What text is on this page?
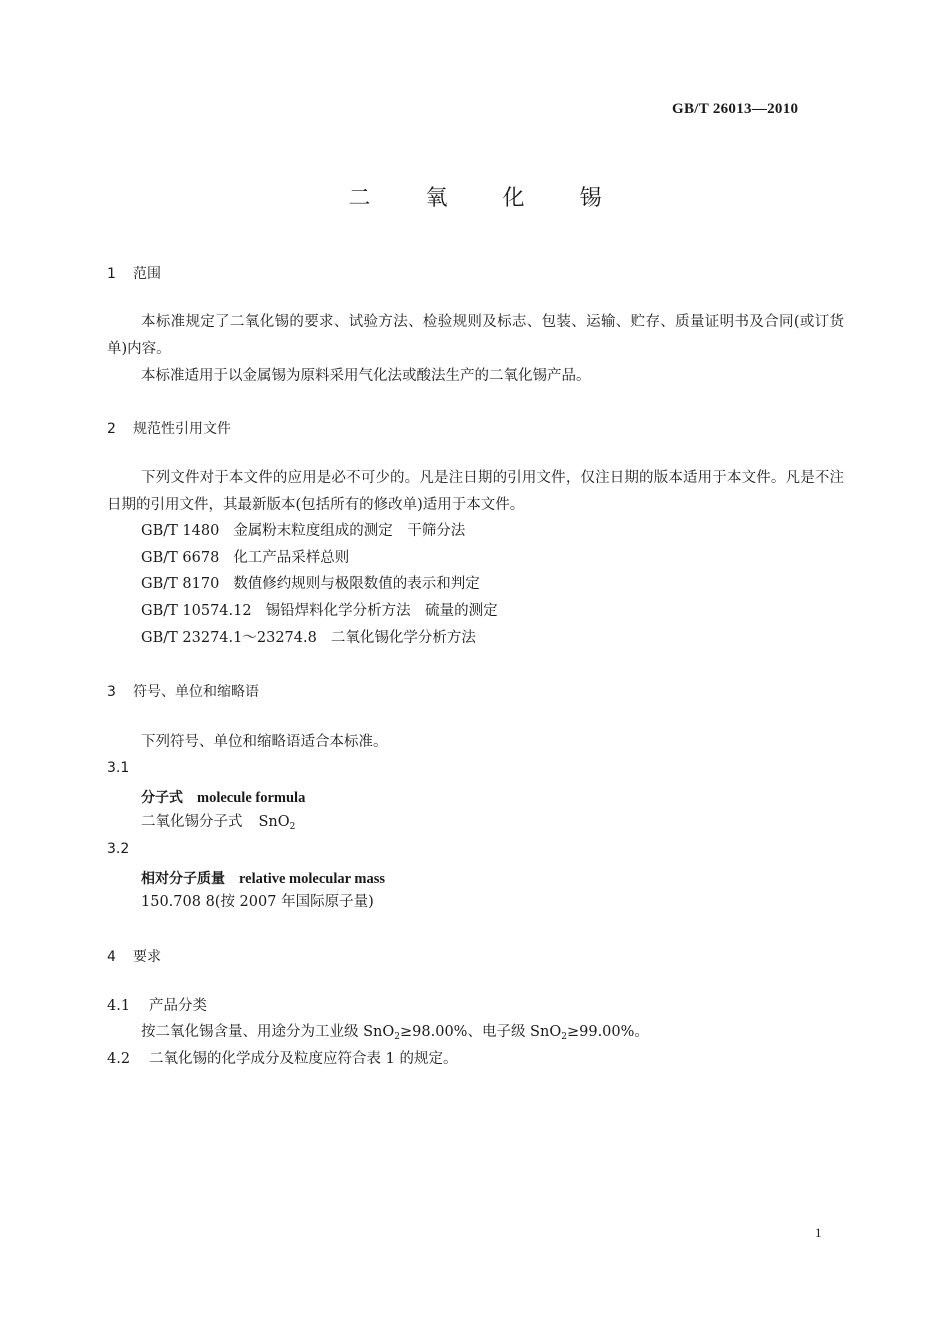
GB/T 26013—2010
二 氧 化 锡
1 范围
本标准规定了二氧化锡的要求、试验方法、检验规则及标志、包装、运输、贮存、质量证明书及合同(或订货单)内容。
本标准适用于以金属锡为原料采用气化法或酸法生产的二氧化锡产品。
2 规范性引用文件
下列文件对于本文件的应用是必不可少的。凡是注日期的引用文件，仅注日期的版本适用于本文件。凡是不注日期的引用文件，其最新版本(包括所有的修改单)适用于本文件。
GB/T 1480 金属粉末粒度组成的测定　干筛分法
GB/T 6678 化工产品采样总则
GB/T 8170 数值修约规则与极限数值的表示和判定
GB/T 10574.12 锡铅焊料化学分析方法　硫量的测定
GB/T 23274.1～23274.8 二氧化锡化学分析方法
3 符号、单位和缩略语
下列符号、单位和缩略语适合本标准。
3.1
分子式 molecule formula
二氧化锡分子式 SnO$_2$
3.2
相对分子质量 relative molecular mass
150.708 8(按 2007 年国际原子量)
4 要求
4.1 产品分类
按二氧化锡含量、用途分为工业级 SnO$_2$≥98.00%、电子级 SnO$_2$≥99.00%。
4.2 二氧化锡的化学成分及粒度应符合表 1 的规定。
1
